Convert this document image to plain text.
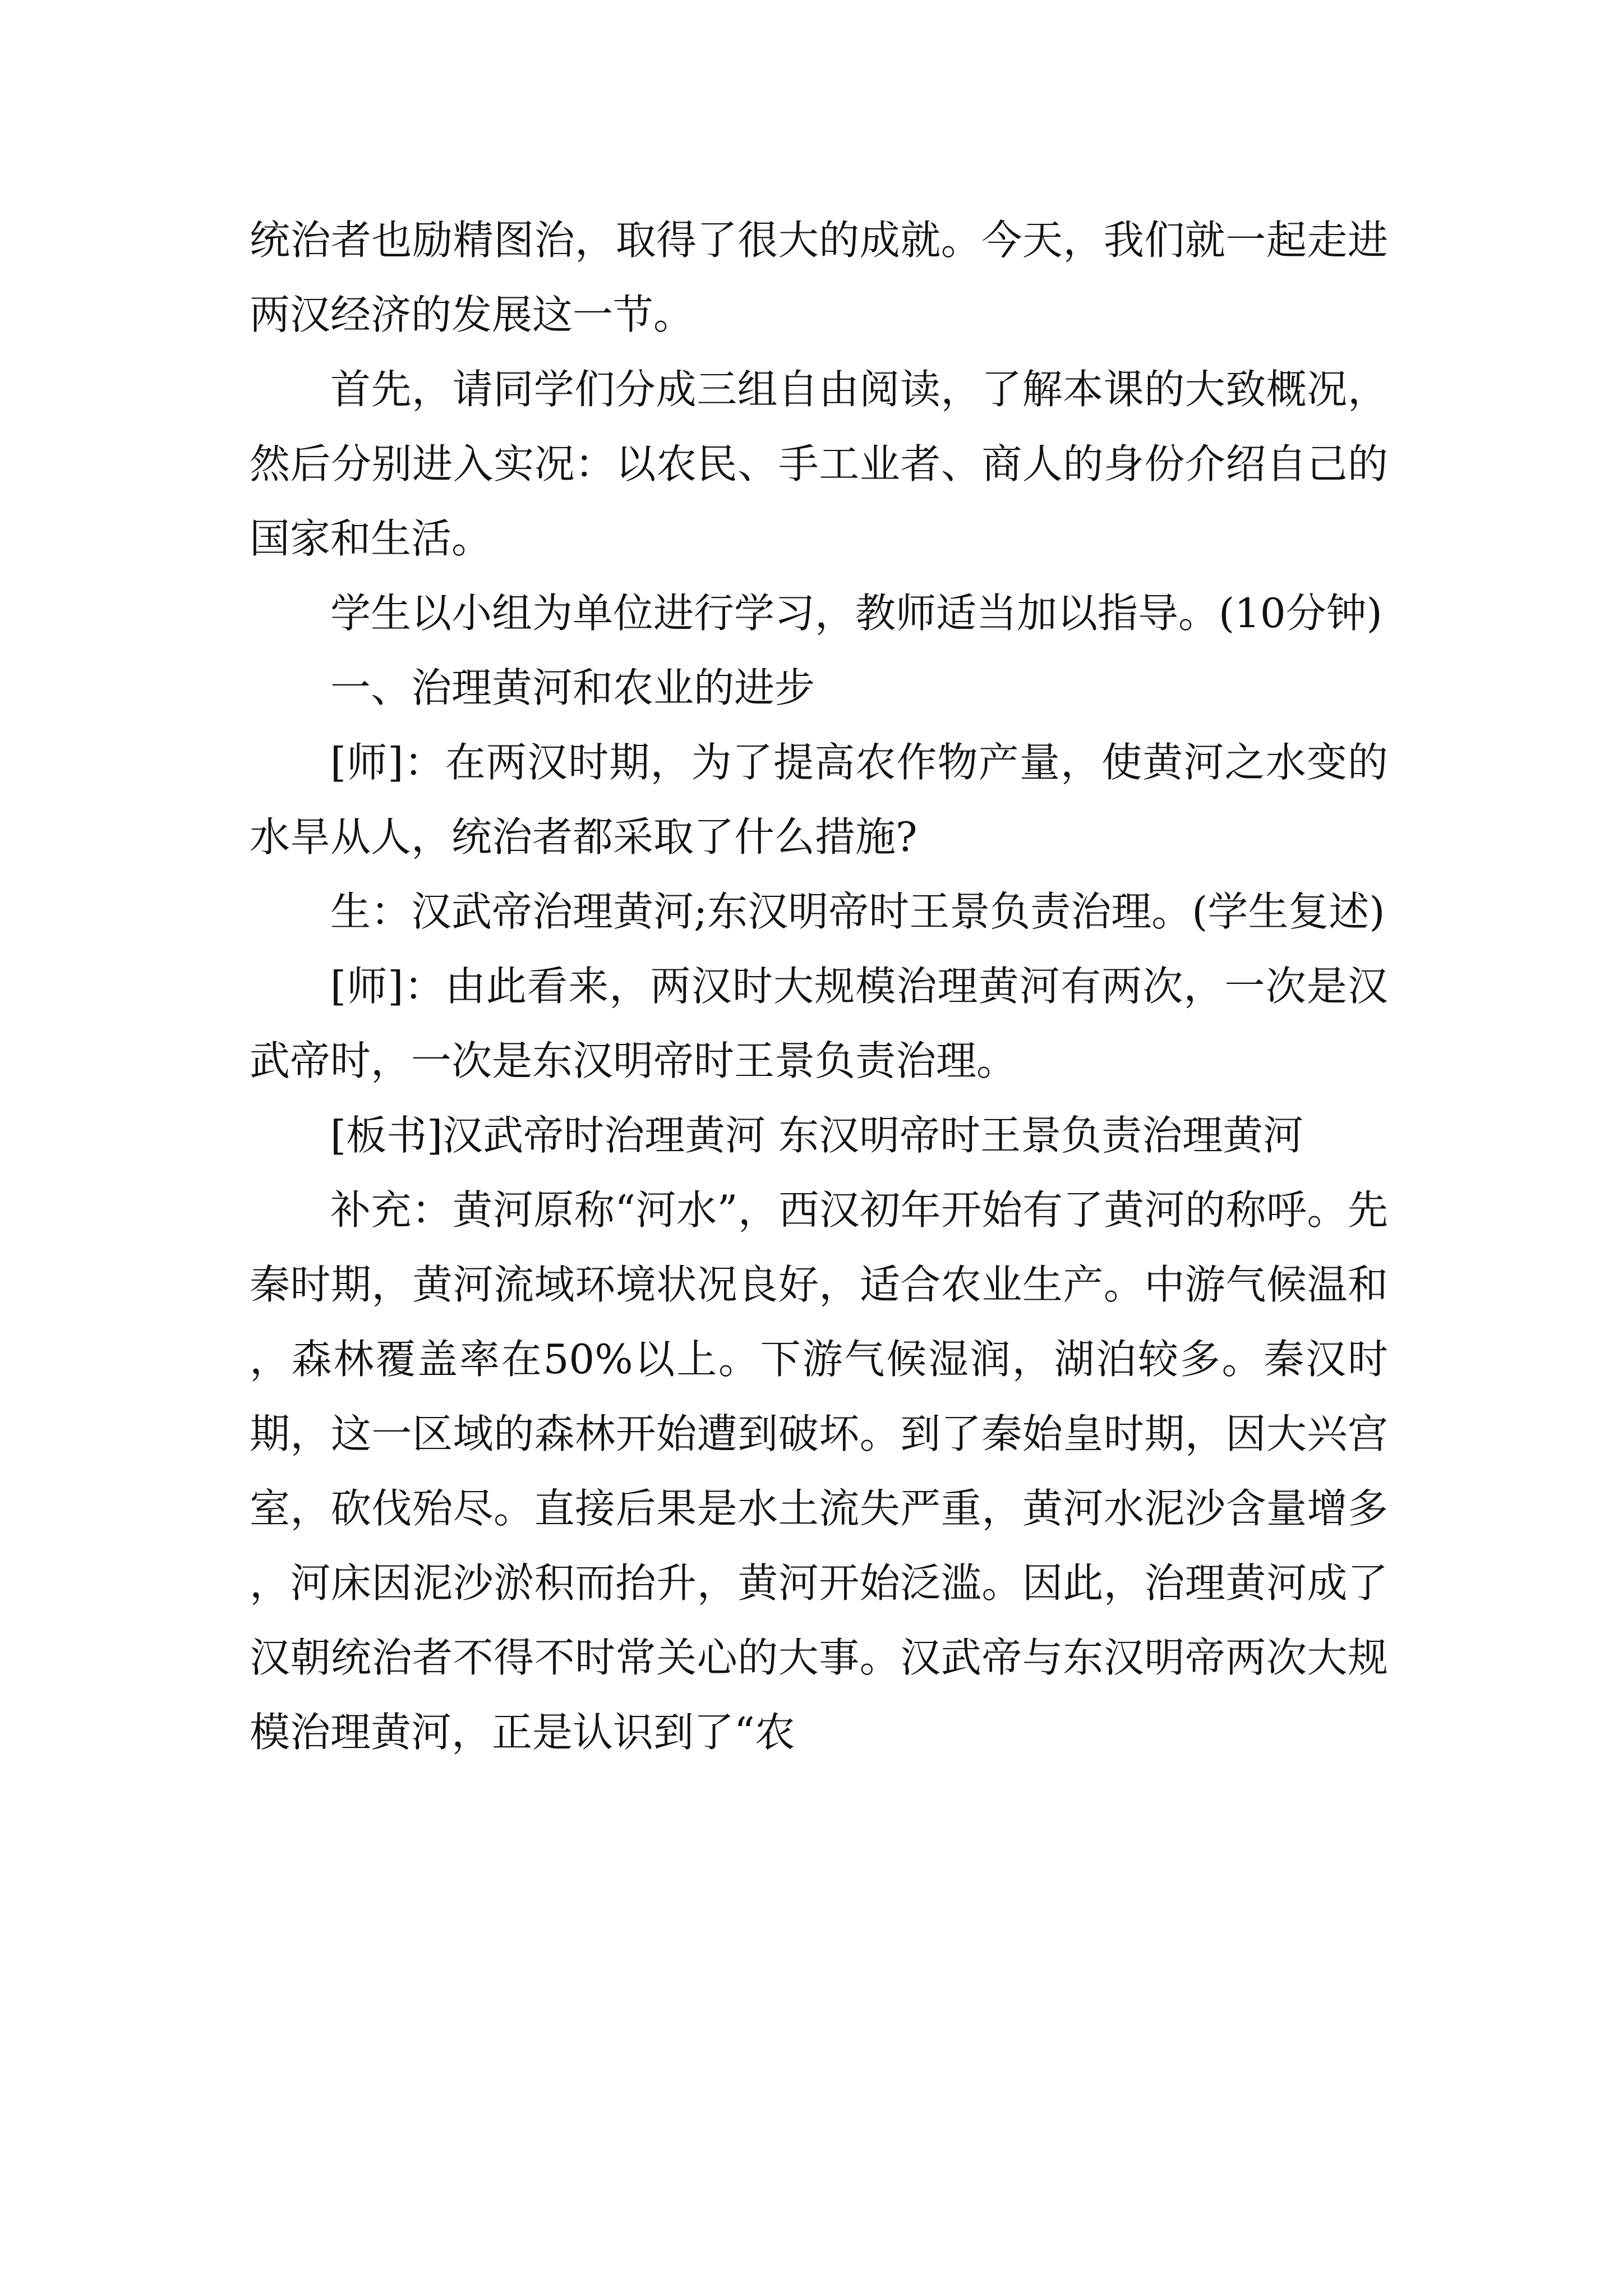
统治者也励精图治，取得了很大的成就。今天，我们就一起走进两汉经济的发展这一节。

首先，请同学们分成三组自由阅读，了解本课的大致概况，然后分别进入实况：以农民、手工业者、商人的身份介绍自己的国家和生活。

学生以小组为单位进行学习，教师适当加以指导。(10分钟)

一、治理黄河和农业的进步

[师]：在两汉时期，为了提高农作物产量，使黄河之水变的水旱从人，统治者都采取了什么措施?

生：汉武帝治理黄河;东汉明帝时王景负责治理。(学生复述)

[师]：由此看来，两汉时大规模治理黄河有两次，一次是汉武帝时，一次是东汉明帝时王景负责治理。

[板书]汉武帝时治理黄河 东汉明帝时王景负责治理黄河

补充：黄河原称“河水”，西汉初年开始有了黄河的称呼。先秦时期，黄河流域环境状况良好，适合农业生产。中游气候温和，森林覆盖率在50%以上。下游气候湿润，湖泊较多。秦汉时期，这一区域的森林开始遭到破坏。到了秦始皇时期，因大兴宫室，砍伐殆尽。直接后果是水土流失严重，黄河水泥沙含量增多，河床因泥沙淤积而抬升，黄河开始泛滥。因此，治理黄河成了汉朝统治者不得不时常关心的大事。汉武帝与东汉明帝两次大规模治理黄河，正是认识到了“农
